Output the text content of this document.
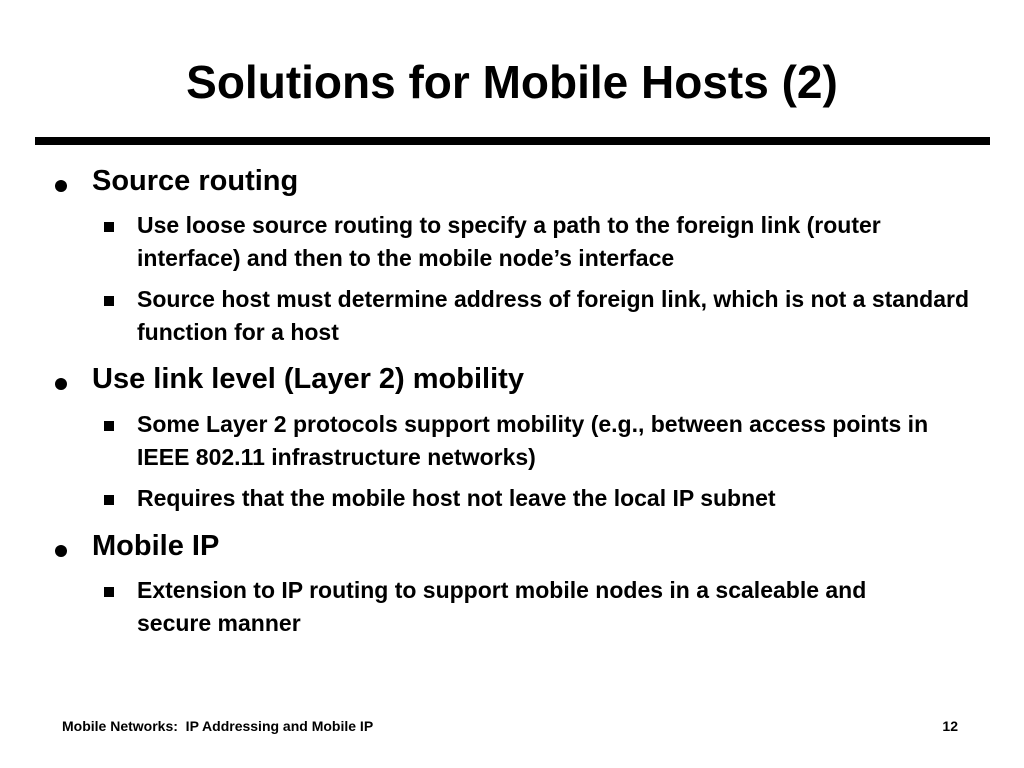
Solutions for Mobile Hosts (2)
Source routing
Use loose source routing to specify a path to the foreign link (router interface) and then to the mobile node’s interface
Source host must determine address of foreign link, which is not a standard function for a host
Use link level (Layer 2) mobility
Some Layer 2 protocols support mobility (e.g., between access points in IEEE 802.11 infrastructure networks)
Requires that the mobile host not leave the local IP subnet
Mobile IP
Extension to IP routing to support mobile nodes in a scaleable and secure manner
Mobile Networks:  IP Addressing and Mobile IP	12
